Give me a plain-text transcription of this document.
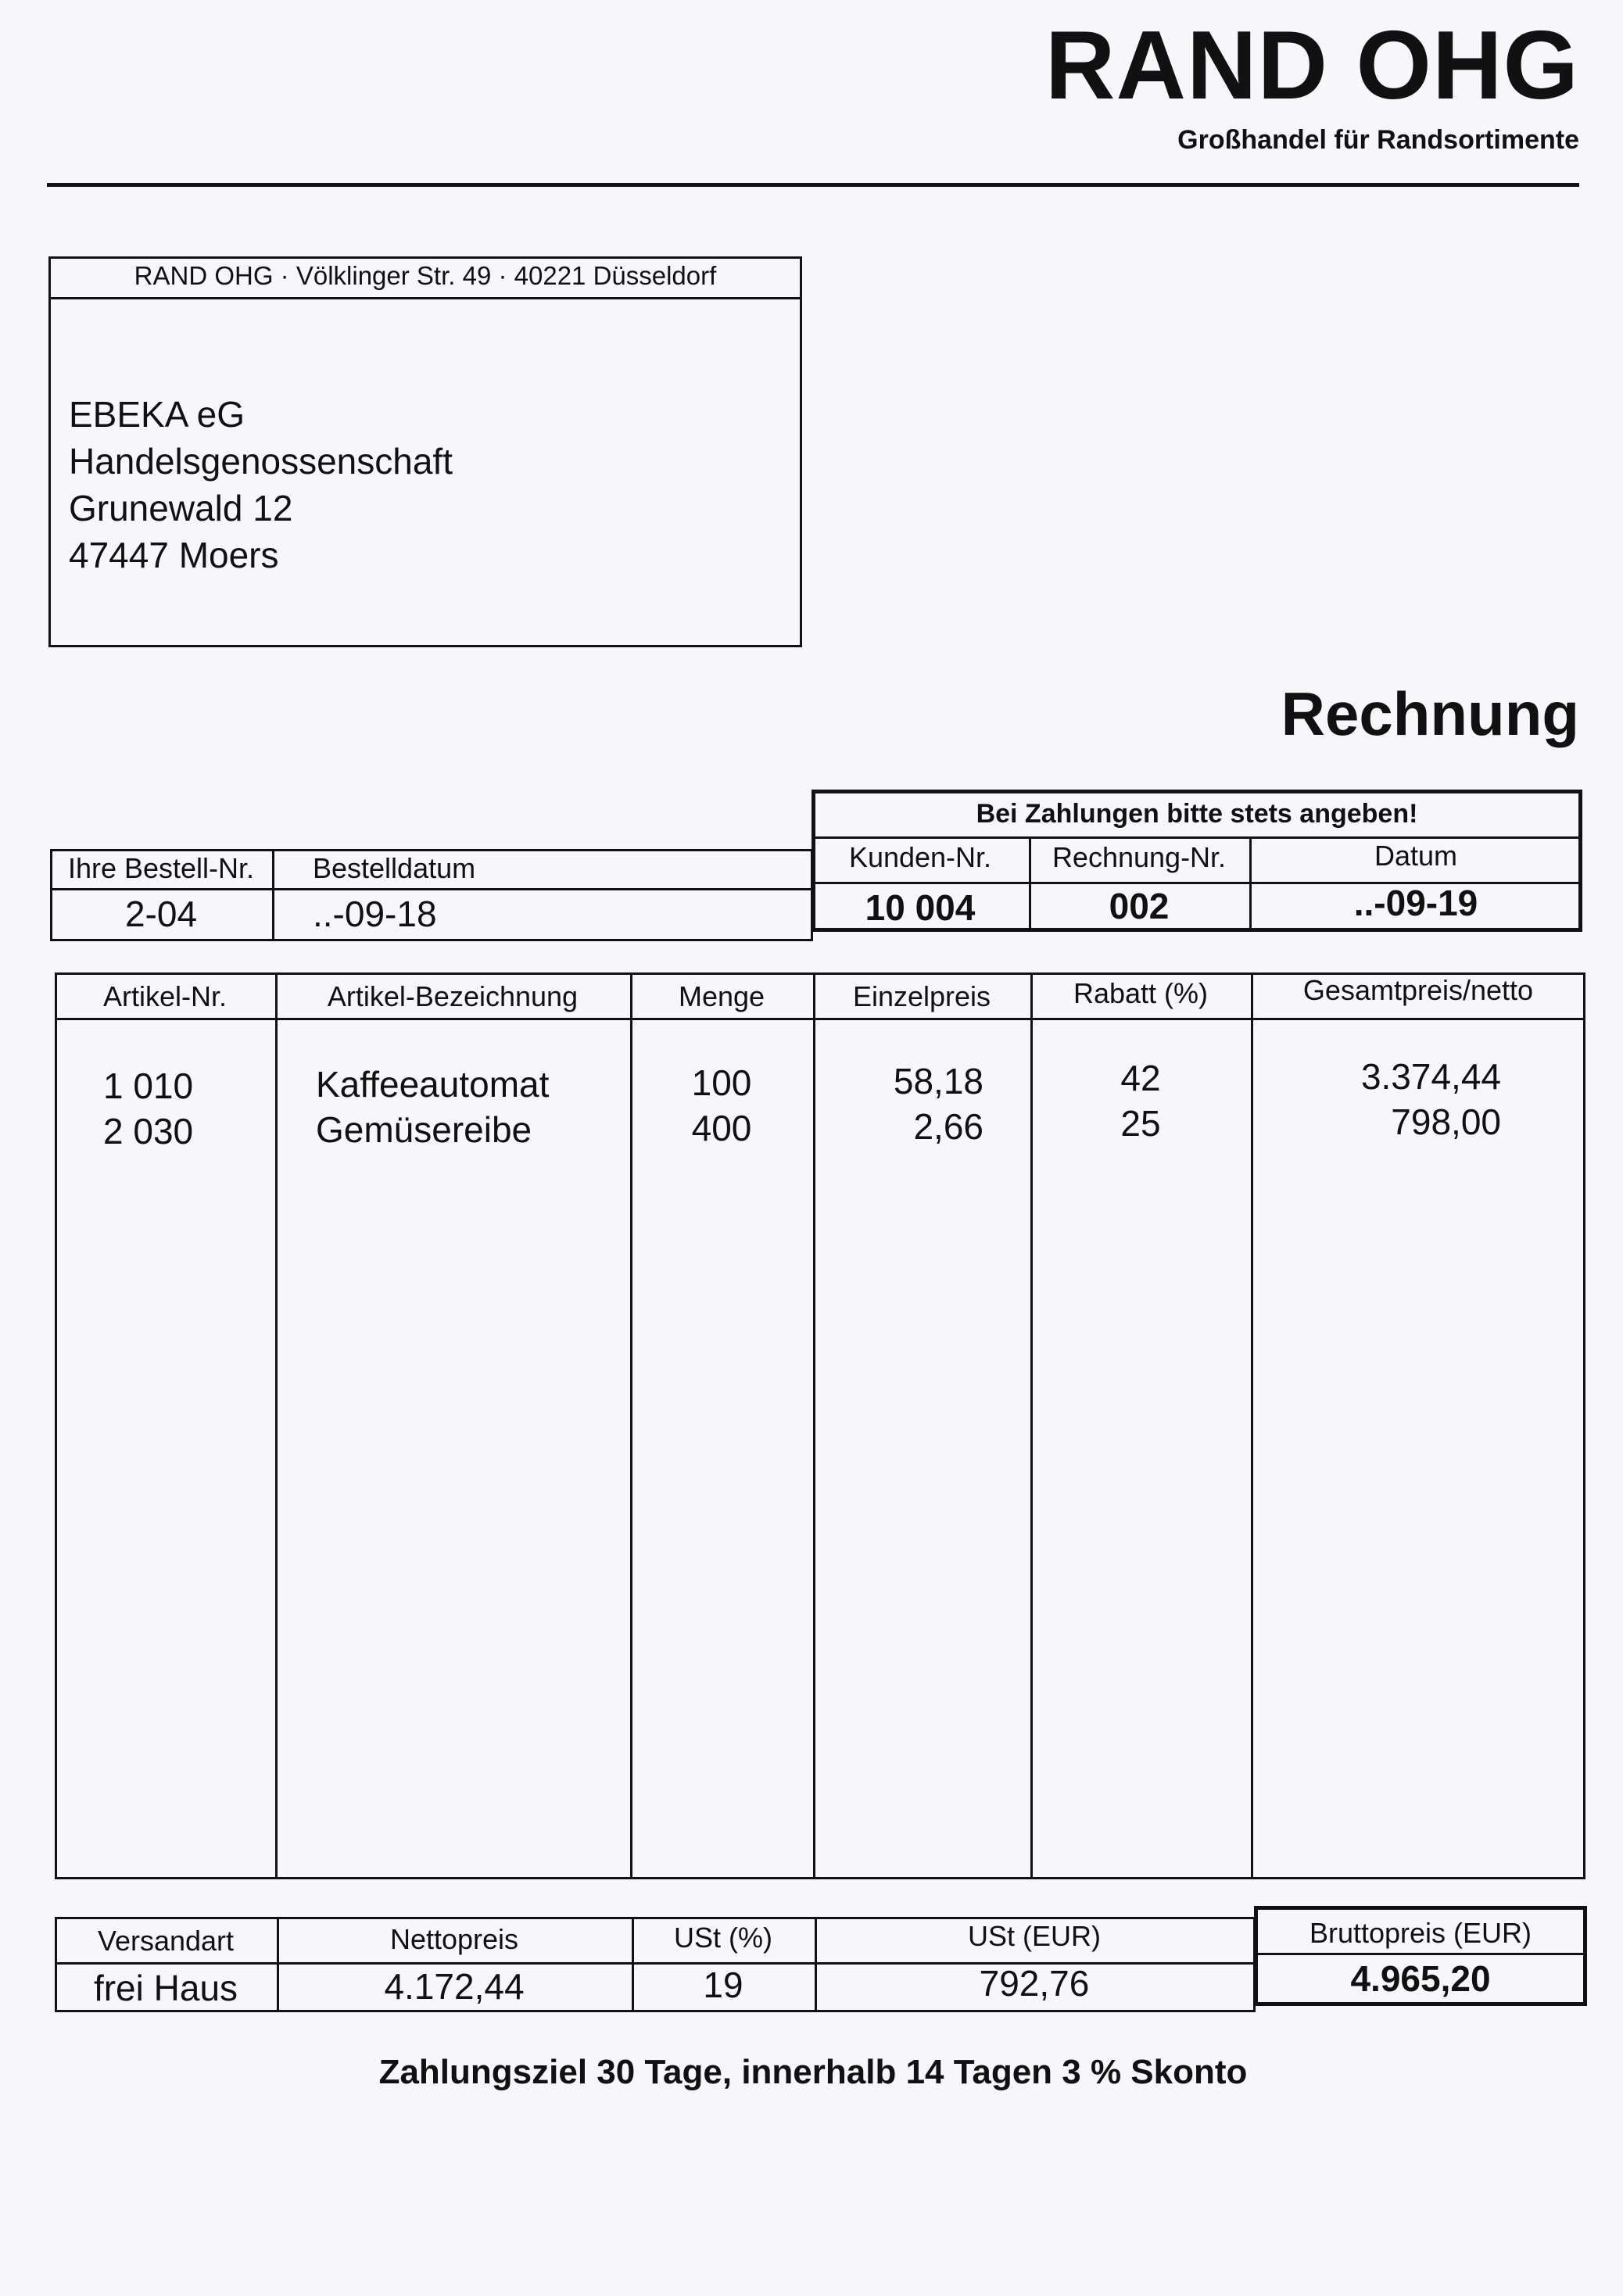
RAND OHG
Großhandel für Randsortimente
RAND OHG · Völklinger Str. 49 · 40221 Düsseldorf
EBEKA eG
Handelsgenossenschaft
Grunewald 12
47447 Moers
Rechnung
Ihre Bestell-Nr.	Bestelldatum
2-04	..-09-18
Bei Zahlungen bitte stets angeben!
Kunden-Nr.	Rechnung-Nr.	Datum
10 004	002	..-09-19
Artikel-Nr.	Artikel-Bezeichnung	Menge	Einzelpreis	Rabatt (%)	Gesamtpreis/netto
1 010	Kaffeeautomat	100	58,18	42	3.374,44
2 030	Gemüsereibe	400	2,66	25	798,00
Versandart	Nettopreis	USt (%)	USt (EUR)	Bruttopreis (EUR)
frei Haus	4.172,44	19	792,76	4.965,20
Zahlungsziel 30 Tage, innerhalb 14 Tagen 3 % Skonto
